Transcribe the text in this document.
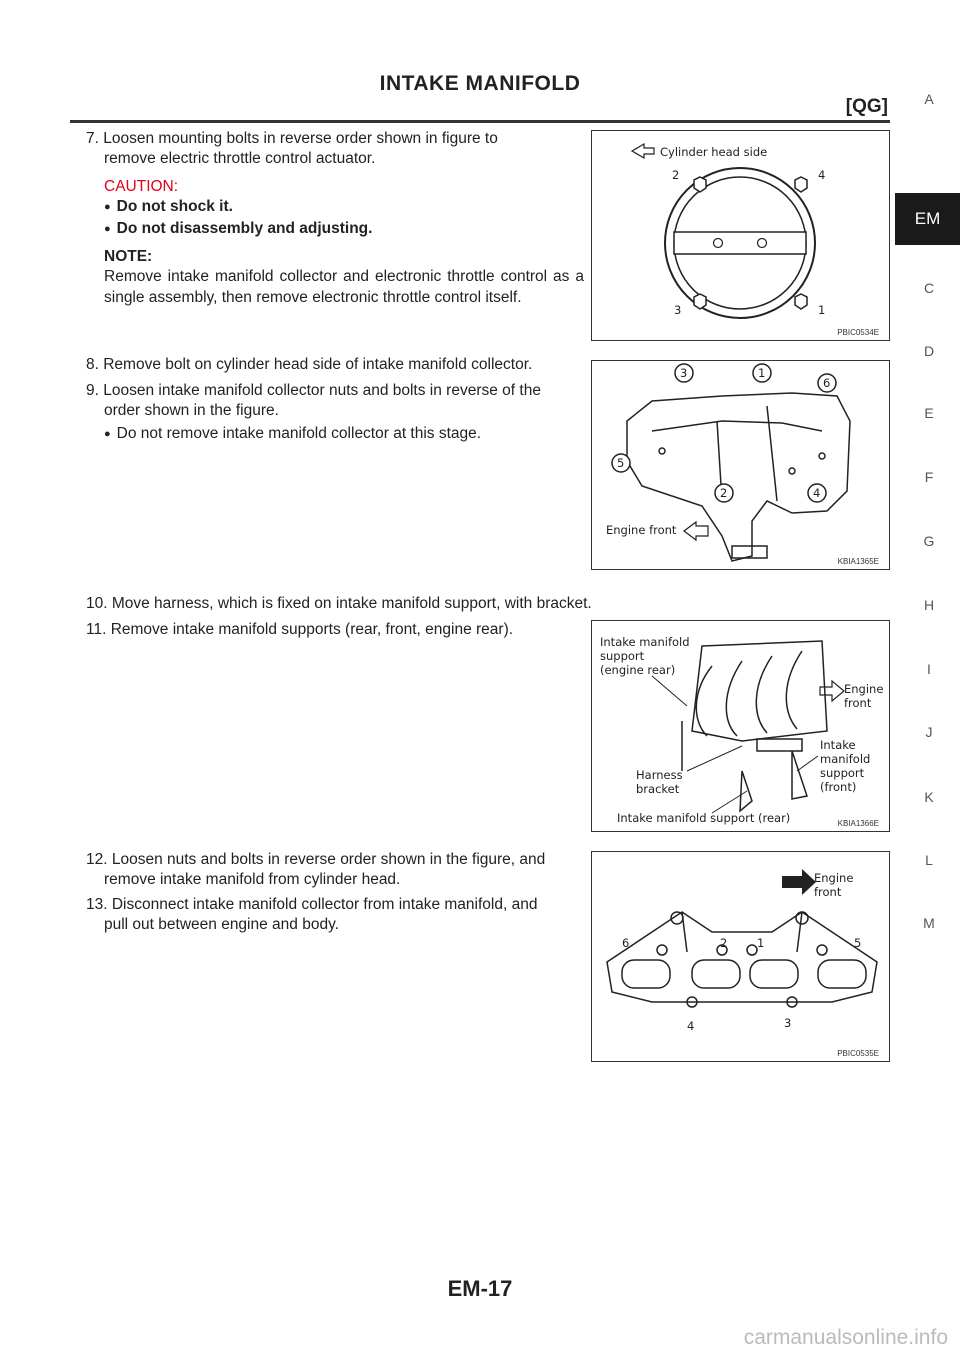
INTAKE MANIFOLD
[QG]	A
EM
C
D
E
F
G
H
I
J
K
L
M
7. Loosen mounting bolts in reverse order shown in figure to
remove electric throttle control actuator.
CAUTION:
● Do not shock it.
● Do not disassembly and adjusting.
NOTE:
Remove intake manifold collector and electronic throttle control as a single assembly, then remove electronic throttle control itself.
Cylinder head side
2	4
3	1
PBIC0534E
8. Remove bolt on cylinder head side of intake manifold collector.
9. Loosen intake manifold collector nuts and bolts in reverse of the
order shown in the figure.
● Do not remove intake manifold collector at this stage.
3	1
6
5
2	4
Engine front
KBIA1365E
10. Move harness, which is fixed on intake manifold support, with bracket.
11. Remove intake manifold supports (rear, front, engine rear).
Intake manifold
support
(engine rear)
Engine
front
Intake
manifold
support
(front)
Harness
bracket
Intake manifold support (rear)	KBIA1366E
12. Loosen nuts and bolts in reverse order shown in the figure, and
remove intake manifold from cylinder head.
13. Disconnect intake manifold collector from intake manifold, and
pull out between engine and body.
Engine
front
6	2	1	5
4	3
PBIC0535E
EM-17
carmanualsonline.info
